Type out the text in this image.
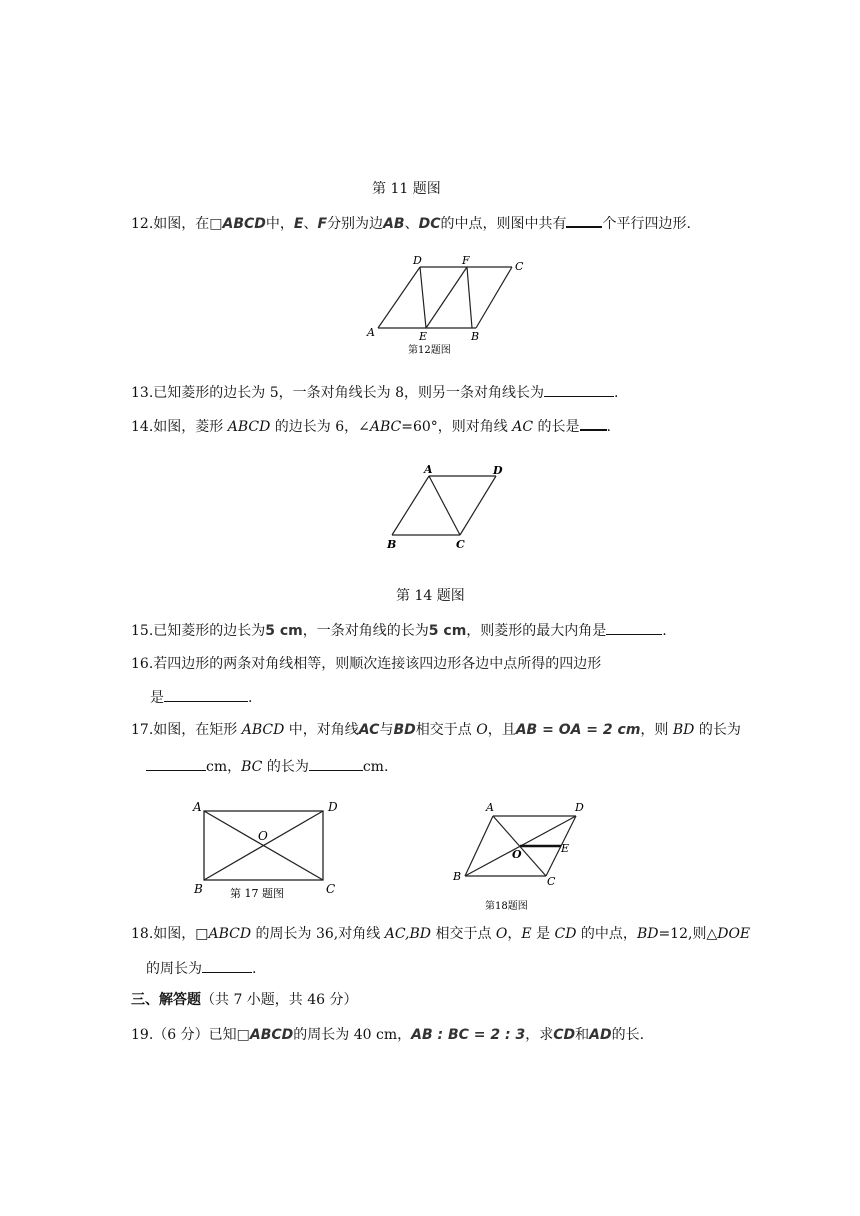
第 11 题图
12.如图，在□ABCD中，E、F分别为边AB、DC的中点，则图中共有	个平行四边形.
A	E	B
D	F	C
第12题图
13.已知菱形的边长为 5，一条对角线长为 8，则另一条对角线长为	.
14.如图，菱形 ABCD 的边长为 6，∠ABC=60°，则对角线 AC 的长是 .
A	D
B	C
第 14 题图
15.已知菱形的边长为5 cm，一条对角线的长为5 cm，则菱形的最大内角是	.
16.若四边形的两条对角线相等，则顺次连接该四边形各边中点所得的四边形
是	.
17.如图，在矩形 ABCD 中，对角线AC与BD相交于点 O，且AB = OA = 2 cm，则 BD 的长为
cm，BC 的长为	cm.
A	D
B	C
O
第 17 题图
A	D
B	C
O	E
第18题图
18.如图，□ABCD 的周长为 36,对角线 AC,BD 相交于点 O，E 是 CD 的中点，BD=12,则△DOE
的周长为	.
三、解答题（共 7 小题，共 46 分）
19.（6 分）已知□ABCD的周长为 40 cm，AB : BC = 2 : 3，求CD和AD的长.
